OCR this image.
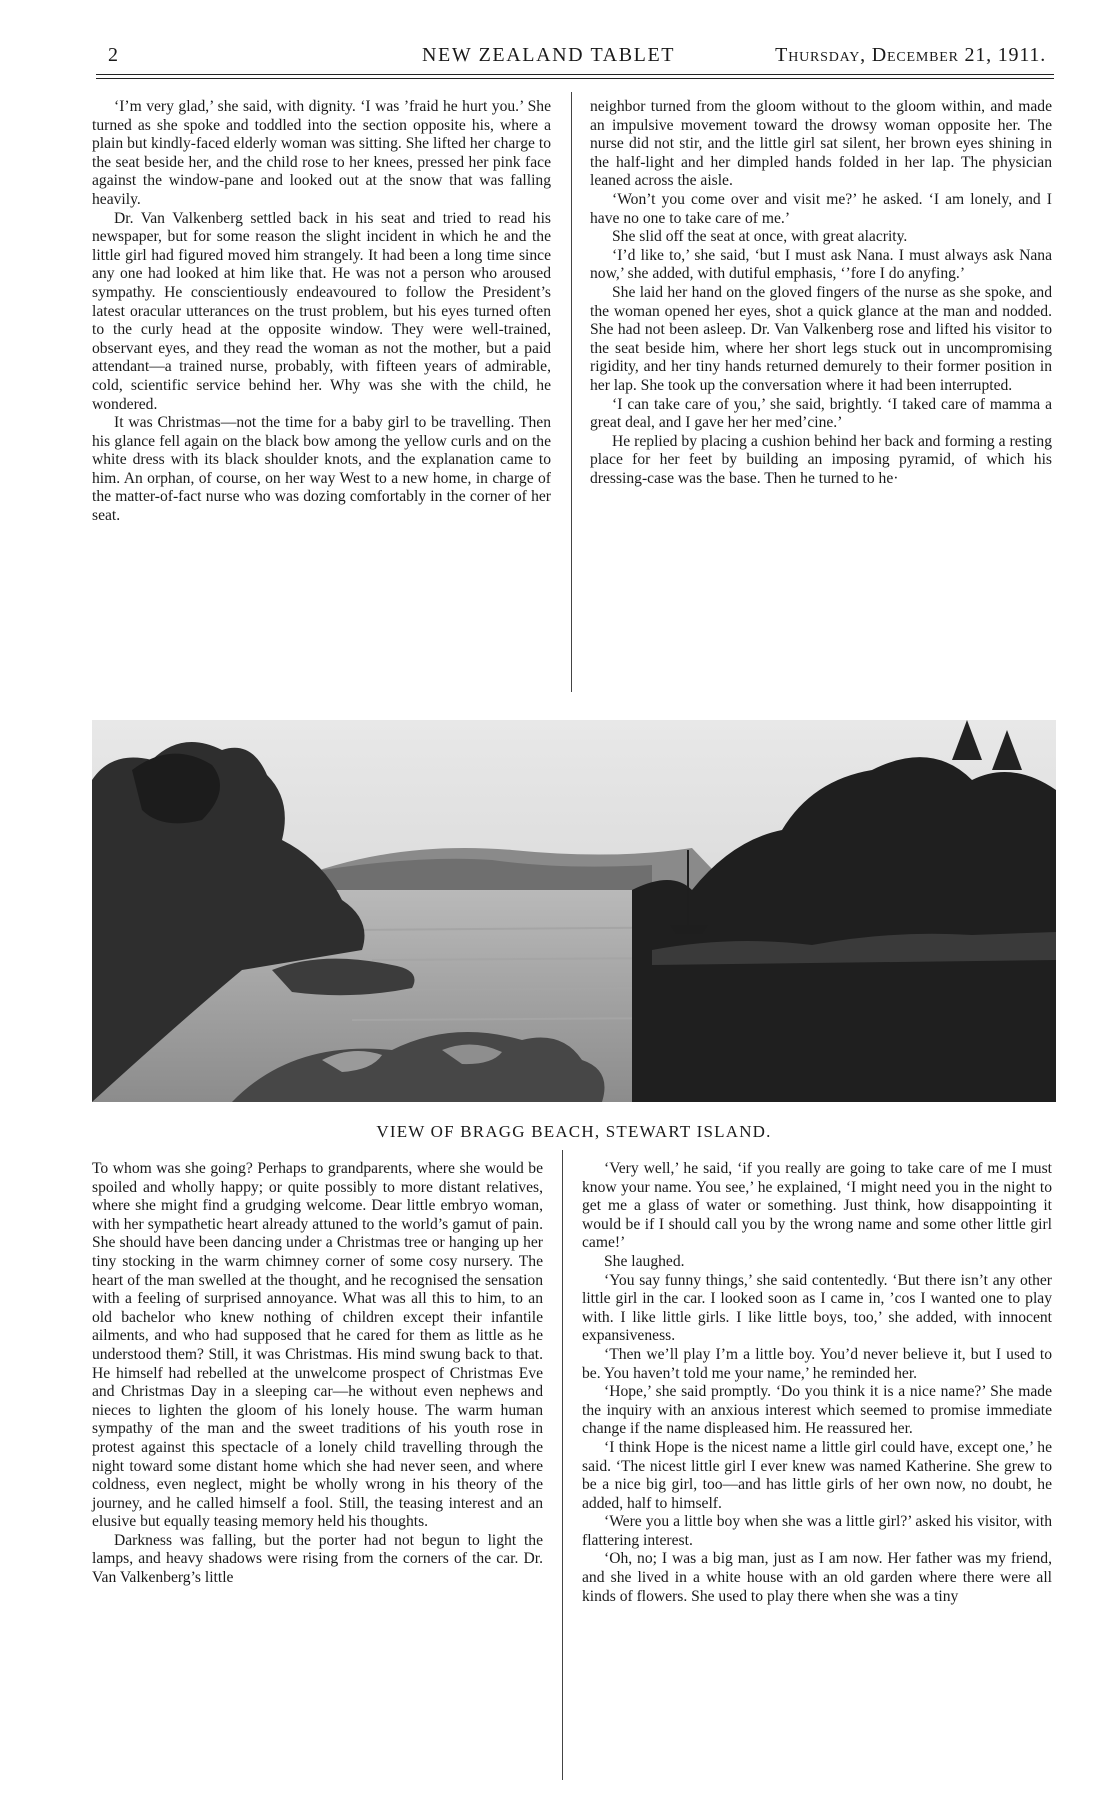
2	NEW ZEALAND TABLET	Thursday, December 21, 1911.

‘I’m very glad,’ she said, with dignity. ‘I was ’fraid he hurt you.’ She turned as she spoke and toddled into the section opposite his, where a plain but kindly-faced elderly woman was sitting. She lifted her charge to the seat beside her, and the child rose to her knees, pressed her pink face against the window-pane and looked out at the snow that was falling heavily.

Dr. Van Valkenberg settled back in his seat and tried to read his newspaper, but for some reason the slight incident in which he and the little girl had figured moved him strangely. It had been a long time since any one had looked at him like that. He was not a person who aroused sympathy. He conscientiously endeavoured to follow the President’s latest oracular utterances on the trust problem, but his eyes turned often to the curly head at the opposite window. They were well-trained, observant eyes, and they read the woman as not the mother, but a paid attendant—a trained nurse, probably, with fifteen years of admirable, cold, scientific service behind her. Why was she with the child, he wondered.

It was Christmas—not the time for a baby girl to be travelling. Then his glance fell again on the black bow among the yellow curls and on the white dress with its black shoulder knots, and the explanation came to him. An orphan, of course, on her way West to a new home, in charge of the matter-of-fact nurse who was dozing comfortably in the corner of her seat.

neighbor turned from the gloom without to the gloom within, and made an impulsive movement toward the drowsy woman opposite her. The nurse did not stir, and the little girl sat silent, her brown eyes shining in the half-light and her dimpled hands folded in her lap. The physician leaned across the aisle.

‘Won’t you come over and visit me?’ he asked. ‘I am lonely, and I have no one to take care of me.’

She slid off the seat at once, with great alacrity.

‘I’d like to,’ she said, ‘but I must ask Nana. I must always ask Nana now,’ she added, with dutiful emphasis, ‘’fore I do anyfing.’

She laid her hand on the gloved fingers of the nurse as she spoke, and the woman opened her eyes, shot a quick glance at the man and nodded. She had not been asleep. Dr. Van Valkenberg rose and lifted his visitor to the seat beside him, where her short legs stuck out in uncompromising rigidity, and her tiny hands returned demurely to their former position in her lap. She took up the conversation where it had been interrupted.

‘I can take care of you,’ she said, brightly. ‘I taked care of mamma a great deal, and I gave her her med’cine.’

He replied by placing a cushion behind her back and forming a resting place for her feet by building an imposing pyramid, of which his dressing-case was the base. Then he turned to he·

VIEW OF BRAGG BEACH, STEWART ISLAND.

To whom was she going? Perhaps to grandparents, where she would be spoiled and wholly happy; or quite possibly to more distant relatives, where she might find a grudging welcome. Dear little embryo woman, with her sympathetic heart already attuned to the world’s gamut of pain. She should have been dancing under a Christmas tree or hanging up her tiny stocking in the warm chimney corner of some cosy nursery. The heart of the man swelled at the thought, and he recognised the sensation with a feeling of surprised annoyance. What was all this to him, to an old bachelor who knew nothing of children except their infantile ailments, and who had supposed that he cared for them as little as he understood them? Still, it was Christmas. His mind swung back to that. He himself had rebelled at the unwelcome prospect of Christmas Eve and Christmas Day in a sleeping car—he without even nephews and nieces to lighten the gloom of his lonely house. The warm human sympathy of the man and the sweet traditions of his youth rose in protest against this spectacle of a lonely child travelling through the night toward some distant home which she had never seen, and where coldness, even neglect, might be wholly wrong in his theory of the journey, and he called himself a fool. Still, the teasing interest and an elusive but equally teasing memory held his thoughts.

Darkness was falling, but the porter had not begun to light the lamps, and heavy shadows were rising from the corners of the car. Dr. Van Valkenberg’s little

‘Very well,’ he said, ‘if you really are going to take care of me I must know your name. You see,’ he explained, ‘I might need you in the night to get me a glass of water or something. Just think, how disappointing it would be if I should call you by the wrong name and some other little girl came!’

She laughed.

‘You say funny things,’ she said contentedly. ‘But there isn’t any other little girl in the car. I looked soon as I came in, ’cos I wanted one to play with. I like little girls. I like little boys, too,’ she added, with innocent expansiveness.

‘Then we’ll play I’m a little boy. You’d never believe it, but I used to be. You haven’t told me your name,’ he reminded her.

‘Hope,’ she said promptly. ‘Do you think it is a nice name?’ She made the inquiry with an anxious interest which seemed to promise immediate change if the name displeased him. He reassured her.

‘I think Hope is the nicest name a little girl could have, except one,’ he said. ‘The nicest little girl I ever knew was named Katherine. She grew to be a nice big girl, too—and has little girls of her own now, no doubt, he added, half to himself.

‘Were you a little boy when she was a little girl?’ asked his visitor, with flattering interest.

‘Oh, no; I was a big man, just as I am now. Her father was my friend, and she lived in a white house with an old garden where there were all kinds of flowers. She used to play there when she was a tiny
